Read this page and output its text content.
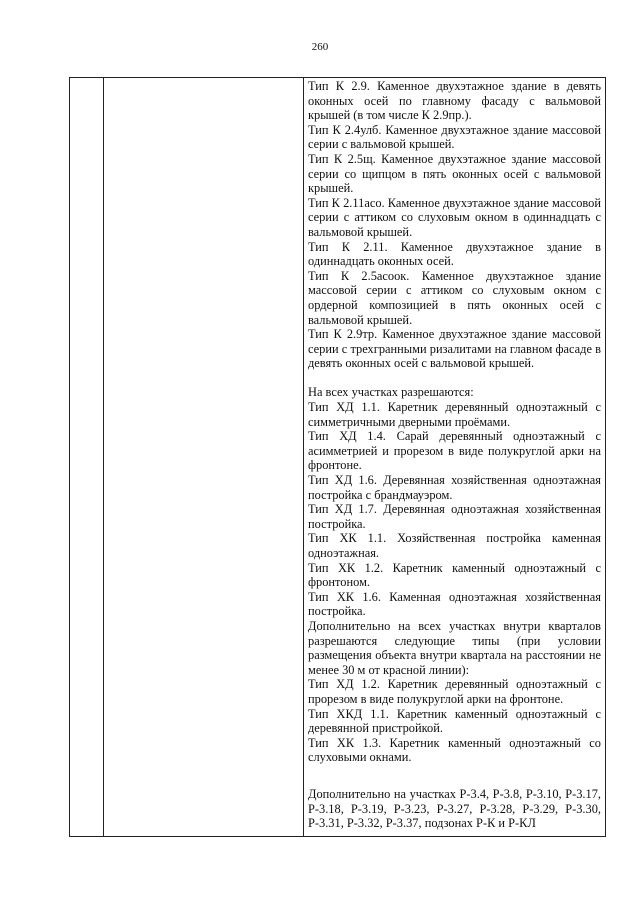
260

Тип К 2.9. Каменное двухэтажное здание в девять оконных осей по главному фасаду с вальмовой крышей (в том числе К 2.9пр.).

Тип К 2.4улб. Каменное двухэтажное здание массовой серии с вальмовой крышей.

Тип К 2.5щ. Каменное двухэтажное здание массовой серии со щипцом в пять оконных осей с вальмовой крышей.

Тип К 2.11асо. Каменное двухэтажное здание массовой серии с аттиком со слуховым окном в одиннадцать с вальмовой крышей.

Тип К 2.11. Каменное двухэтажное здание в одиннадцать оконных осей.

Тип К 2.5асоок. Каменное двухэтажное здание массовой серии с аттиком со слуховым окном с ордерной композицией в пять оконных осей с вальмовой крышей.

Тип К 2.9тр. Каменное двухэтажное здание массовой серии с трехгранными ризалитами на главном фасаде в девять оконных осей с вальмовой крышей.

На всех участках разрешаются:

Тип ХД 1.1. Каретник деревянный одноэтажный с симметричными дверными проёмами.

Тип ХД 1.4. Сарай деревянный одноэтажный с асимметрией и прорезом в виде полукруглой арки на фронтоне.

Тип ХД 1.6. Деревянная хозяйственная одноэтажная постройка с брандмауэром.

Тип ХД 1.7. Деревянная одноэтажная хозяйственная постройка.

Тип ХК 1.1. Хозяйственная постройка каменная одноэтажная.

Тип ХК 1.2. Каретник каменный одноэтажный с фронтоном.

Тип ХК 1.6. Каменная одноэтажная хозяйственная постройка.

Дополнительно на всех участках внутри кварталов разрешаются следующие типы (при условии размещения объекта внутри квартала на расстоянии не менее 30 м от красной линии):

Тип ХД 1.2. Каретник деревянный одноэтажный с прорезом в виде полукруглой арки на фронтоне.

Тип ХКД 1.1. Каретник каменный одноэтажный с деревянной пристройкой.

Тип ХК 1.3. Каретник каменный одноэтажный со слуховыми окнами.

Дополнительно на участках Р-3.4, Р-3.8, Р-3.10, Р-3.17, Р-3.18, Р-3.19, Р-3.23, Р-3.27, Р-3.28, Р-3.29, Р-3.30, Р-3.31, Р-3.32, Р-3.37, подзонах Р-К и Р-КЛ
